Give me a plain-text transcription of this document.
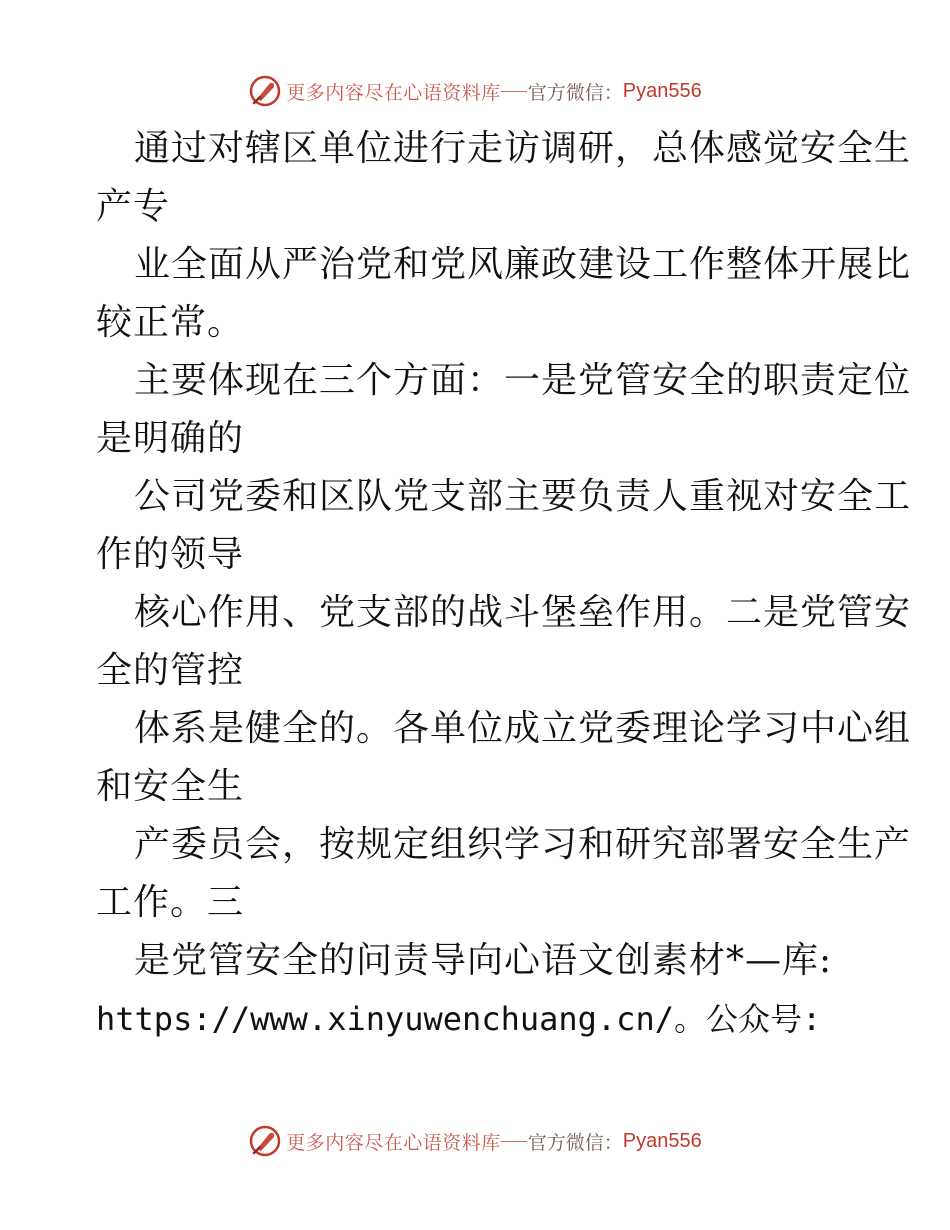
更多内容尽在心语资料库 官方微信： Pyan556
通过对辖区单位进行走访调研，总体感觉安全生
产专
业全面从严治党和党风廉政建设工作整体开展比
较正常。
主要体现在三个方面：一是党管安全的职责定位
是明确的
公司党委和区队党支部主要负责人重视对安全工
作的领导
核心作用、党支部的战斗堡垒作用。二是党管安
全的管控
体系是健全的。各单位成立党委理论学习中心组
和安全生
产委员会，按规定组织学习和研究部署安全生产
工作。三
是党管安全的问责导向心语文创素材*—库:
https://www.xinyuwenchuang.cn/。公众号:
更多内容尽在心语资料库 官方微信： Pyan556
